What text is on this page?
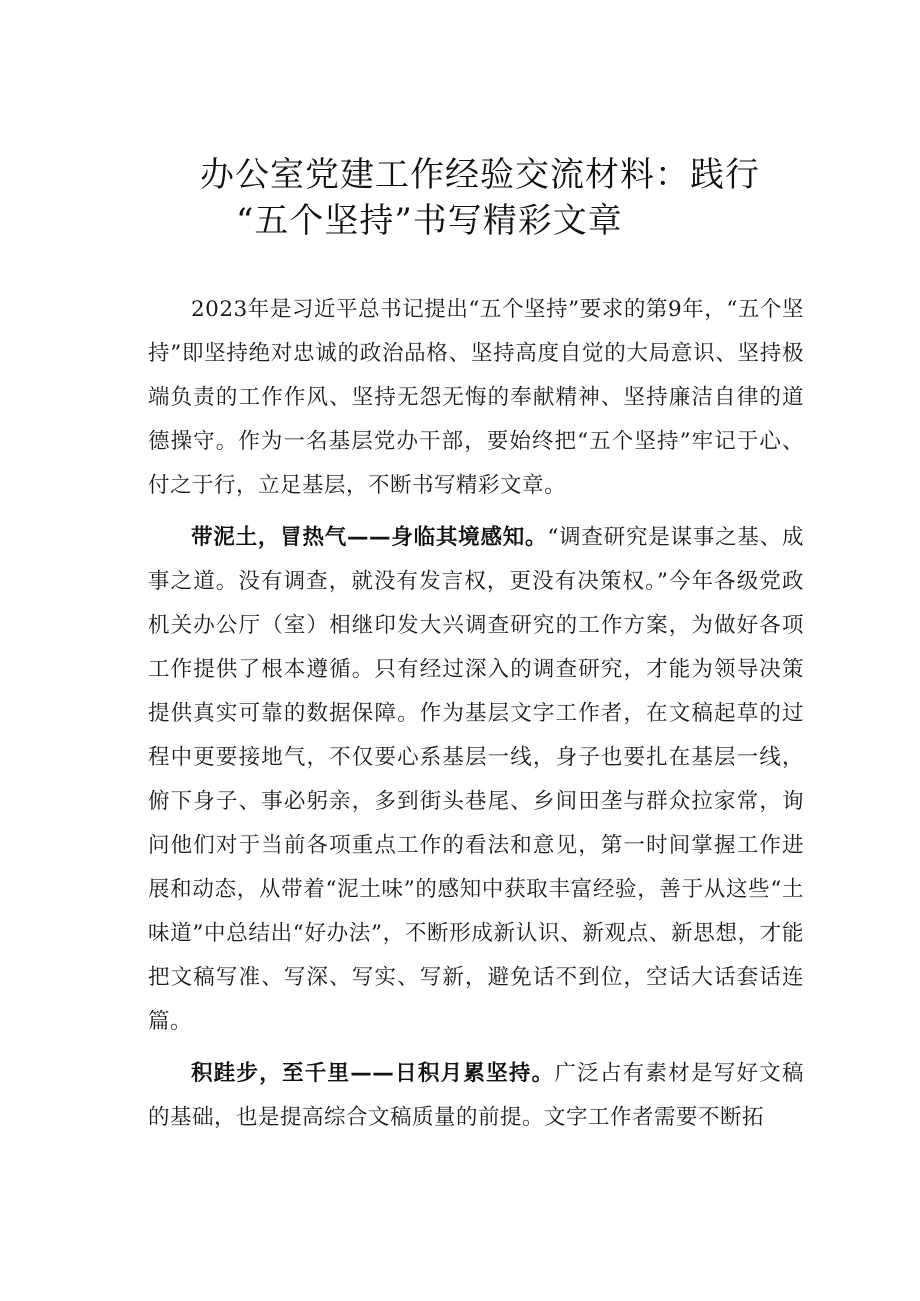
办公室党建工作经验交流材料：践行
“五个坚持”书写精彩文章

2023年是习近平总书记提出“五个坚持”要求的第9年，“五个坚持”即坚持绝对忠诚的政治品格、坚持高度自觉的大局意识、坚持极端负责的工作作风、坚持无怨无悔的奉献精神、坚持廉洁自律的道德操守。作为一名基层党办干部，要始终把“五个坚持”牢记于心、付之于行，立足基层，不断书写精彩文章。

带泥土，冒热气——身临其境感知。“调查研究是谋事之基、成事之道。没有调查，就没有发言权，更没有决策权。”今年各级党政机关办公厅（室）相继印发大兴调查研究的工作方案，为做好各项工作提供了根本遵循。只有经过深入的调查研究，才能为领导决策提供真实可靠的数据保障。作为基层文字工作者，在文稿起草的过程中更要接地气，不仅要心系基层一线，身子也要扎在基层一线，俯下身子、事必躬亲，多到街头巷尾、乡间田垄与群众拉家常，询问他们对于当前各项重点工作的看法和意见，第一时间掌握工作进展和动态，从带着“泥土味”的感知中获取丰富经验，善于从这些“土味道”中总结出“好办法”，不断形成新认识、新观点、新思想，才能把文稿写准、写深、写实、写新，避免话不到位，空话大话套话连篇。

积跬步，至千里——日积月累坚持。广泛占有素材是写好文稿的基础，也是提高综合文稿质量的前提。文字工作者需要不断拓
